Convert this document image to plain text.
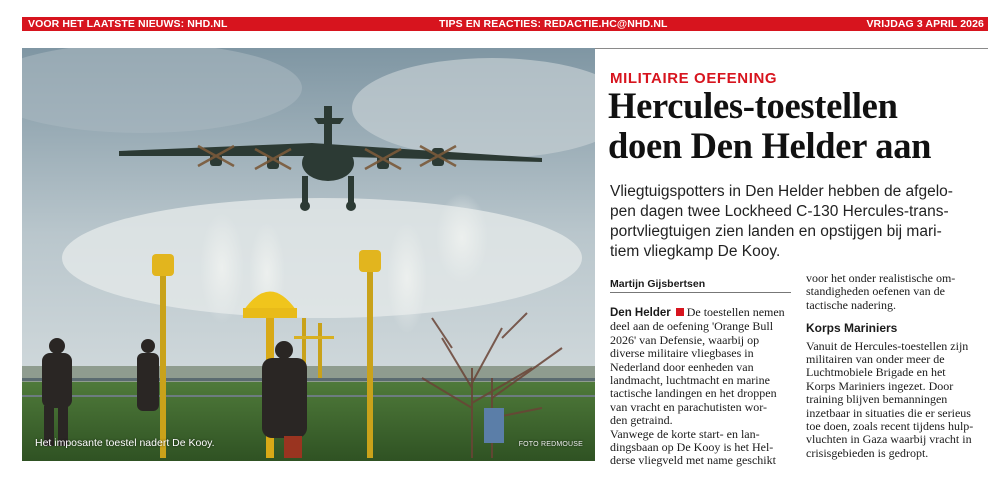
VOOR HET LAATSTE NIEUWS: NHD.NL	TIPS EN REACTIES: REDACTIE.HC@NHD.NL	VRIJDAG 3 APRIL 2026
Het imposante toestel nadert De Kooy.	FOTO REDMOUSE
MILITAIRE OEFENING
Hercules-toestellen
doen Den Helder aan
Vliegtuigspotters in Den Helder hebben de afgelo-
pen dagen twee Lockheed C-130 Hercules-trans-
portvliegtuigen zien landen en opstijgen bij mari-
tiem vliegkamp De Kooy.
Martijn Gijsbertsen
Den Helder De toestellen nemen
deel aan de oefening 'Orange Bull
2026' van Defensie, waarbij op
diverse militaire vliegbases in
Nederland door eenheden van
landmacht, luchtmacht en marine
tactische landingen en het droppen
van vracht en parachutisten wor-
den getraind.
Vanwege de korte start- en lan-
dingsbaan op De Kooy is het Hel-
derse vliegveld met name geschikt
voor het onder realistische om-
standigheden oefenen van de
tactische nadering.
Korps Mariniers
Vanuit de Hercules-toestellen zijn
militairen van onder meer de
Luchtmobiele Brigade en het
Korps Mariniers ingezet. Door
training blijven bemanningen
inzetbaar in situaties die er serieus
toe doen, zoals recent tijdens hulp-
vluchten in Gaza waarbij vracht in
crisisgebieden is gedropt.
